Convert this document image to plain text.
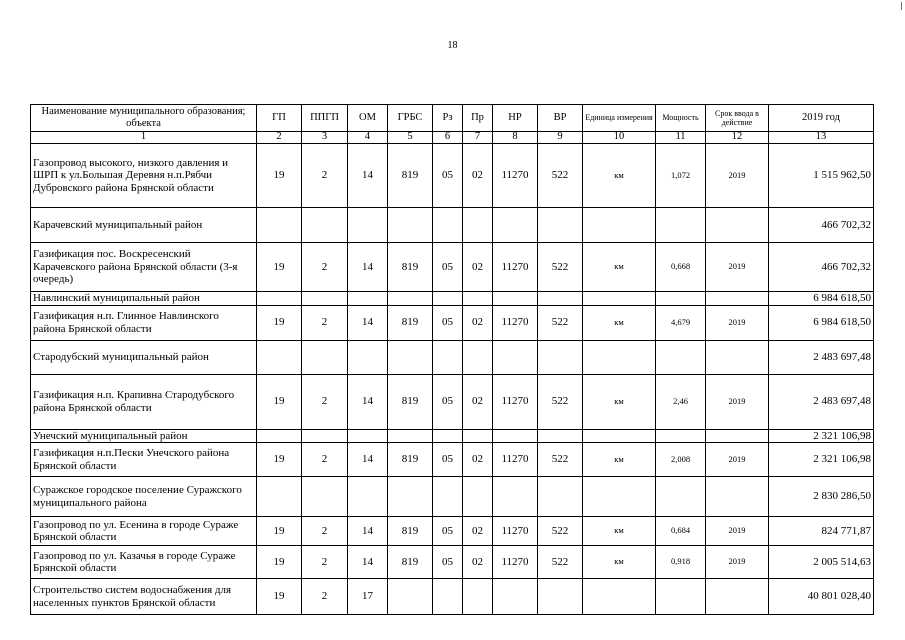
18
Наименование муниципального образования; объекта	ГП	ППГП	ОМ	ГРБС	Рз	Пр	НР	ВР	Единица измерения	Мощность	Срок ввода в действие	2019 год
1	2	3	4	5	6	7	8	9	10	11	12	13
Газопровод высокого, низкого давления и ШРП к ул.Большая Деревня н.п.Рябчи Дубровского района Брянской области	19	2	14	819	05	02	11270	522	км	1,072	2019	1 515 962,50
Карачевский муниципальный район												466 702,32
Газификация пос. Воскресенский Карачевского района Брянской области (3-я очередь)	19	2	14	819	05	02	11270	522	км	0,668	2019	466 702,32
Навлинский муниципальный район												6 984 618,50
Газификация н.п. Глинное Навлинского района Брянской области	19	2	14	819	05	02	11270	522	км	4,679	2019	6 984 618,50
Стародубский муниципальный район												2 483 697,48
Газификация н.п. Крапивна Стародубского района Брянской области	19	2	14	819	05	02	11270	522	км	2,46	2019	2 483 697,48
Унечский муниципальный район												2 321 106,98
Газификация н.п.Пески Унечского района Брянской области	19	2	14	819	05	02	11270	522	км	2,008	2019	2 321 106,98
Суражское городское поселение Суражского муниципального района												2 830 286,50
Газопровод по ул. Есенина в городе Сураже Брянской области	19	2	14	819	05	02	11270	522	км	0,684	2019	824 771,87
Газопровод по ул. Казачья в городе Сураже Брянской области	19	2	14	819	05	02	11270	522	км	0,918	2019	2 005 514,63
Строительство систем водоснабжения для населенных пунктов Брянской области	19	2	17									40 801 028,40
